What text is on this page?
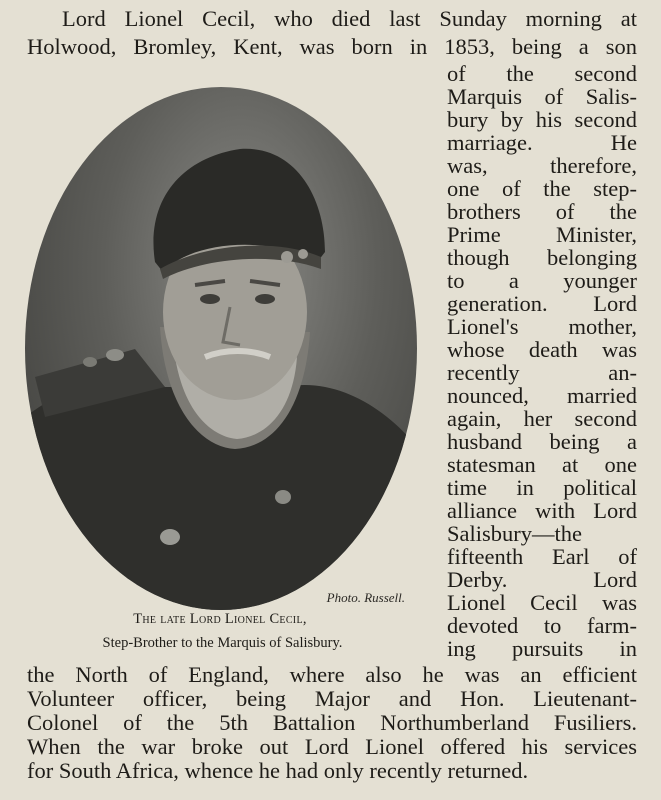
Lord Lionel Cecil, who died last Sunday morning at
Holwood, Bromley, Kent, was born in 1853, being a son
of the second
Marquis of Salis-
bury by his second
marriage. He
was, therefore,
one of the step-
brothers of the
Prime Minister,
though belonging
to a younger
generation. Lord
Lionel's mother,
whose death was
recently an-
nounced, married
again, her second
husband being a
statesman at one
time in political
alliance with Lord
Salisbury—the
fifteenth Earl of
Derby. Lord
Lionel Cecil was
devoted to farm-
ing pursuits in
the North of England, where also he was an efficient
Volunteer officer, being Major and Hon. Lieutenant-
Colonel of the 5th Battalion Northumberland Fusiliers.
When the war broke out Lord Lionel offered his services
for South Africa, whence he had only recently returned.
Photo. Russell.
The late Lord Lionel Cecil,
Step-Brother to the Marquis of Salisbury.
